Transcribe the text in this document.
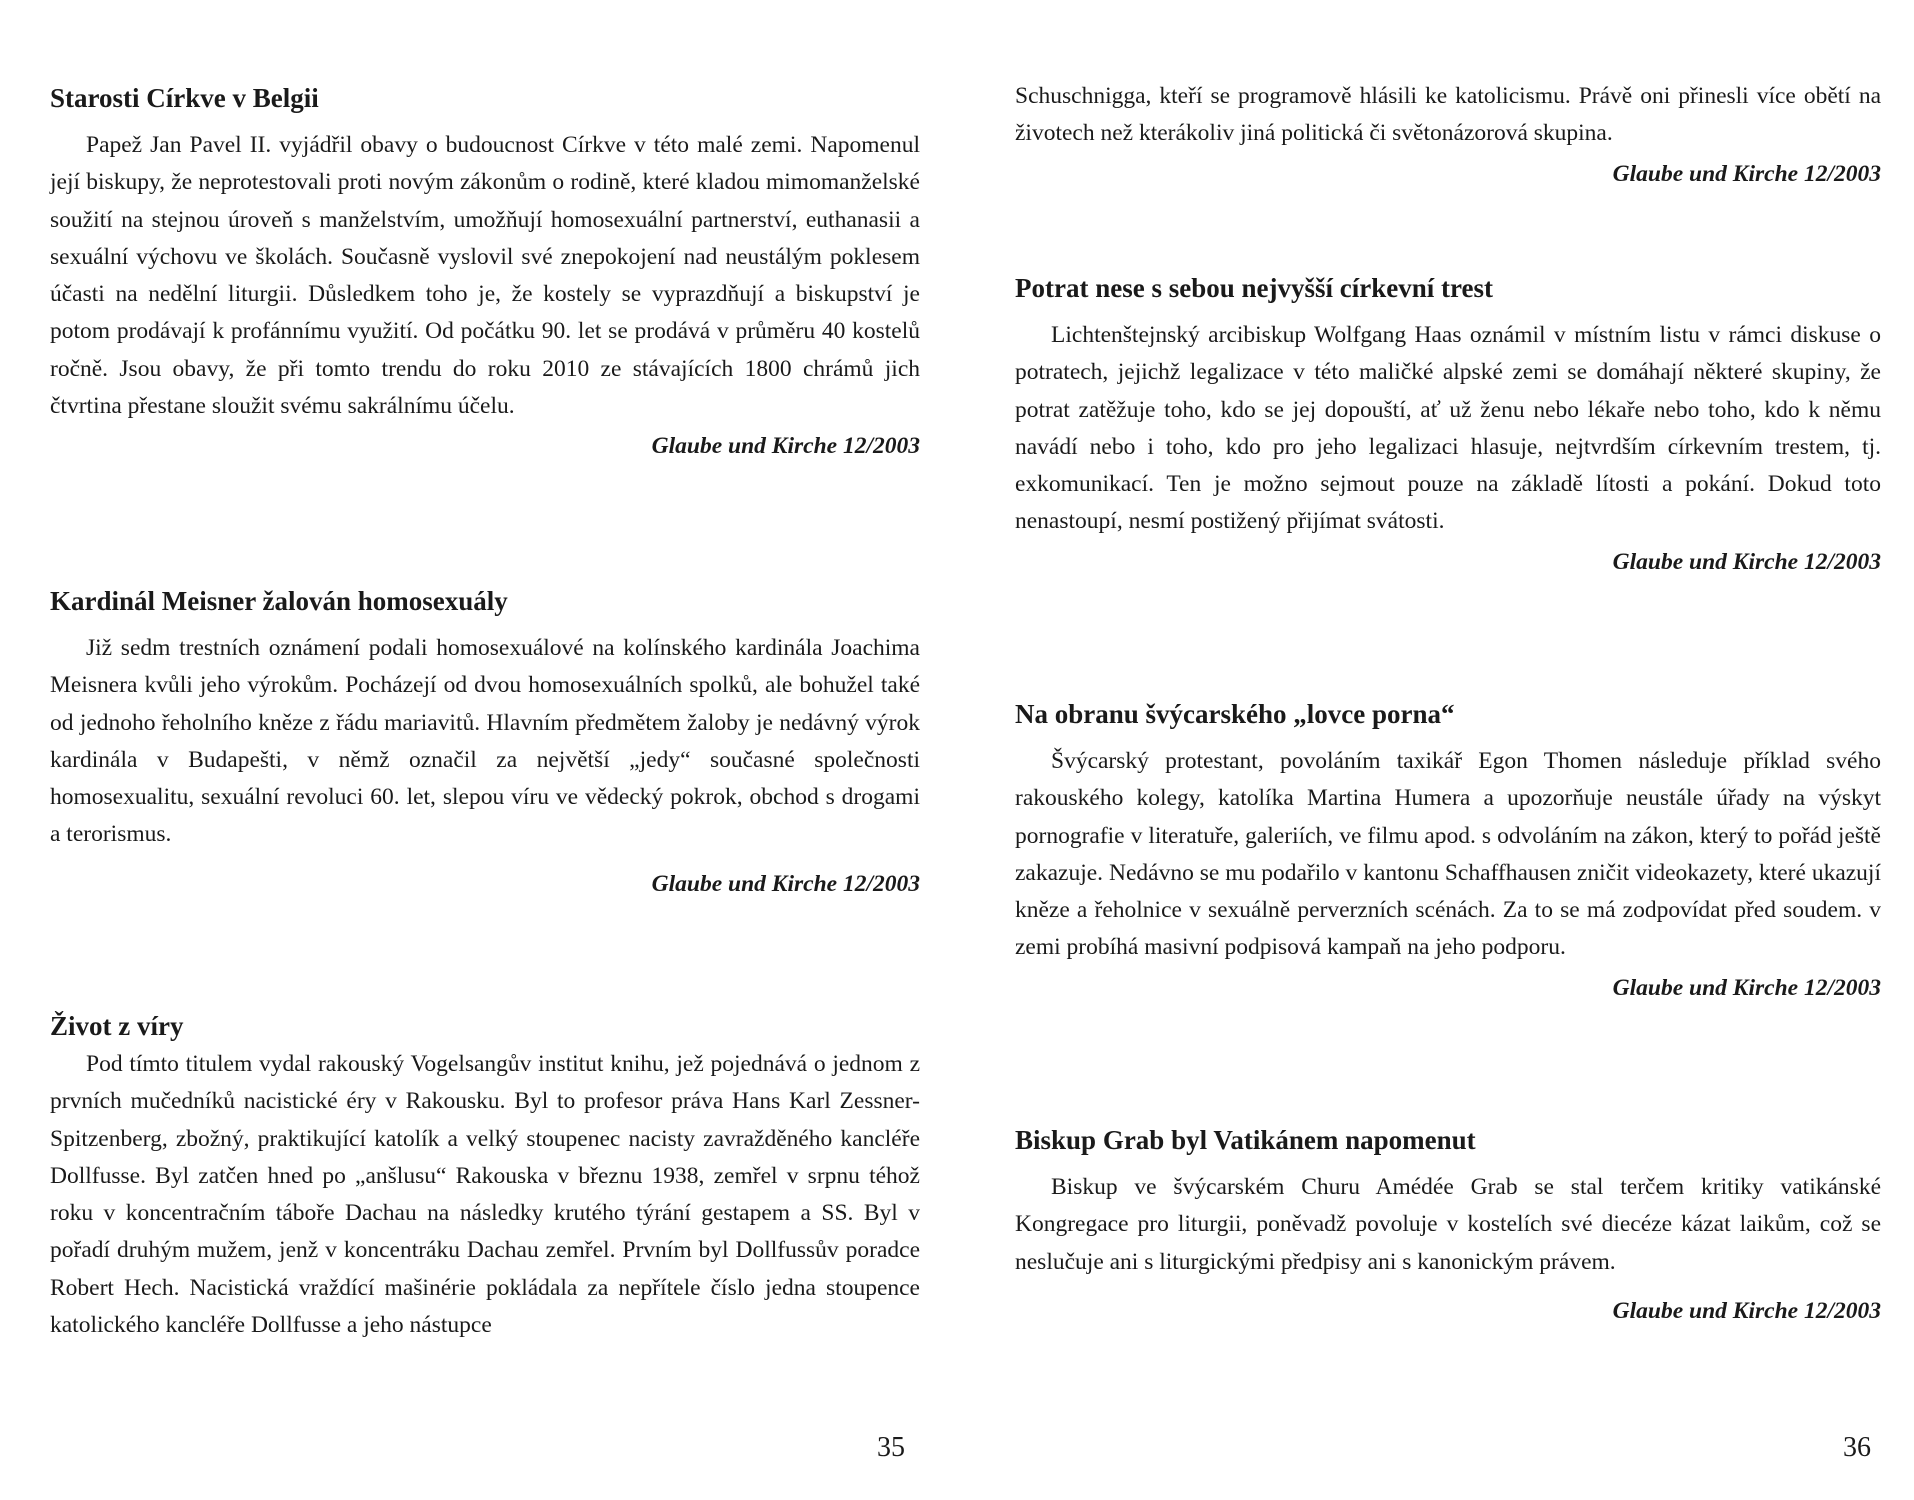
Starosti Církve v Belgii

Papež Jan Pavel II. vyjádřil obavy o budoucnost Církve v této malé zemi. Napomenul její biskupy, že neprotestovali proti novým zákonům o rodině, které kladou mimomanželské soužití na stejnou úroveň s manželstvím, umožňují homosexuální partnerství, euthanasii a sexuální výchovu ve školách. Současně vyslovil své znepokojení nad neustálým poklesem účasti na nedělní liturgii. Důsledkem toho je, že kostely se vyprazdňují a biskupství je potom prodávají k profánnímu využití. Od počátku 90. let se prodává v průměru 40 kostelů ročně. Jsou obavy, že při tomto trendu do roku 2010 ze stávajících 1800 chrámů jich čtvrtina přestane sloužit svému sakrálnímu účelu.

Glaube und Kirche 12/2003
Kardinál Meisner žalován homosexuály

Již sedm trestních oznámení podali homosexuálové na kolínského kardinála Joachima Meisnera kvůli jeho výrokům. Pocházejí od dvou homosexuálních spolků, ale bohužel také od jednoho řeholního kněze z řádu mariavitů. Hlavním předmětem žaloby je nedávný výrok kardinála v Budapešti, v němž označil za největší „jedy“ současné společnosti homosexualitu, sexuální revoluci 60. let, slepou víru ve vědecký pokrok, obchod s drogami a terorismus.

Glaube und Kirche 12/2003
Život z víry

Pod tímto titulem vydal rakouský Vogelsangův institut knihu, jež pojednává o jednom z prvních mučedníků nacistické éry v Rakousku. Byl to profesor práva Hans Karl Zessner-Spitzenberg, zbožný, praktikující katolík a velký stoupenec nacisty zavražděného kancléře Dollfusse. Byl zatčen hned po „anšlusu“ Rakouska v březnu 1938, zemřel v srpnu téhož roku v koncentračním táboře Dachau na následky krutého týrání gestapem a SS. Byl v pořadí druhým mužem, jenž v koncentráku Dachau zemřel. Prvním byl Dollfussův poradce Robert Hech. Nacistická vraždící mašinérie pokládala za nepřítele číslo jedna stoupence katolického kancléře Dollfusse a jeho nástupce

35

Schuschnigga, kteří se programově hlásili ke katolicismu. Právě oni přinesli více obětí na životech než kterákoliv jiná politická či světonázorová skupina.

Glaube und Kirche 12/2003
Potrat nese s sebou nejvyšší církevní trest

Lichtenštejnský arcibiskup Wolfgang Haas oznámil v místním listu v rámci diskuse o potratech, jejichž legalizace v této maličké alpské zemi se domáhají některé skupiny, že potrat zatěžuje toho, kdo se jej dopouští, ať už ženu nebo lékaře nebo toho, kdo k němu navádí nebo i toho, kdo pro jeho legalizaci hlasuje, nejtvrdším církevním trestem, tj. exkomunikací. Ten je možno sejmout pouze na základě lítosti a pokání. Dokud toto nenastoupí, nesmí postižený přijímat svátosti.

Glaube und Kirche 12/2003
Na obranu švýcarského „lovce porna“

Švýcarský protestant, povoláním taxikář Egon Thomen následuje příklad svého rakouského kolegy, katolíka Martina Humera a upozorňuje neustále úřady na výskyt pornografie v literatuře, galeriích, ve filmu apod. s odvoláním na zákon, který to pořád ještě zakazuje. Nedávno se mu podařilo v kantonu Schaffhausen zničit videokazety, které ukazují kněze a řeholnice v sexuálně perverzních scénách. Za to se má zodpovídat před soudem. v zemi probíhá masivní podpisová kampaň na jeho podporu.

Glaube und Kirche 12/2003
Biskup Grab byl Vatikánem napomenut

Biskup ve švýcarském Churu Amédée Grab se stal terčem kritiky vatikánské Kongregace pro liturgii, poněvadž povoluje v kostelích své diecéze kázat laikům, což se neslučuje ani s liturgickými předpisy ani s kanonickým právem.

Glaube und Kirche 12/2003
36
